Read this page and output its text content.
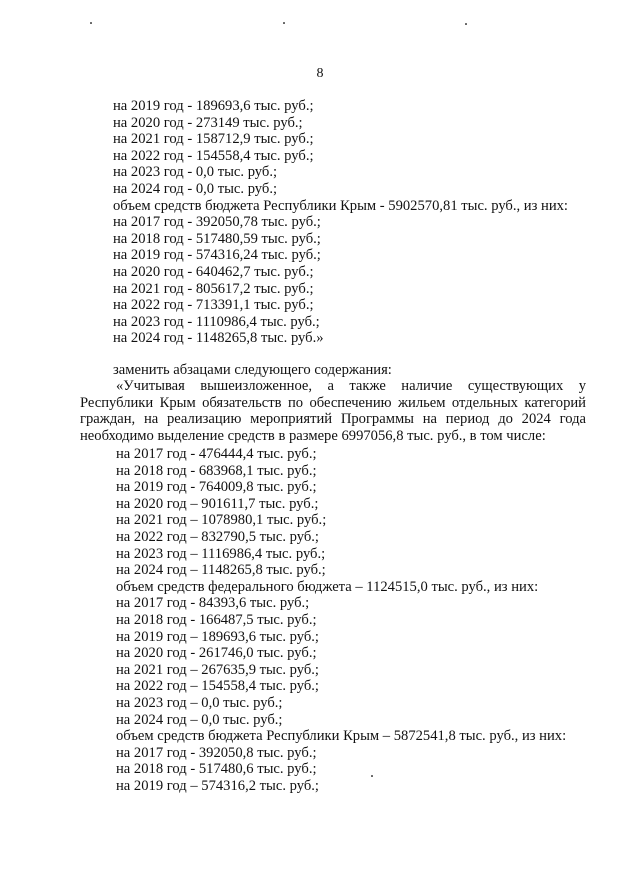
8
на 2019 год - 189693,6 тыс. руб.;
на 2020 год - 273149 тыс. руб.;
на 2021 год - 158712,9 тыс. руб.;
на 2022 год - 154558,4 тыс. руб.;
на 2023 год - 0,0 тыс. руб.;
на 2024 год - 0,0 тыс. руб.;
объем средств бюджета Республики Крым - 5902570,81 тыс. руб., из них:
на 2017 год - 392050,78 тыс. руб.;
на 2018 год - 517480,59 тыс. руб.;
на 2019 год - 574316,24 тыс. руб.;
на 2020 год - 640462,7 тыс. руб.;
на 2021 год - 805617,2 тыс. руб.;
на 2022 год - 713391,1 тыс. руб.;
на 2023 год - 1110986,4 тыс. руб.;
на 2024 год - 1148265,8 тыс. руб.»
заменить абзацами следующего содержания:
«Учитывая вышеизложенное, а также наличие существующих у
Республики Крым обязательств по обеспечению жильем отдельных категорий
граждан, на реализацию мероприятий Программы на период до 2024 года
необходимо выделение средств в размере 6997056,8 тыс. руб., в том числе:
на 2017 год - 476444,4 тыс. руб.;
на 2018 год - 683968,1 тыс. руб.;
на 2019 год - 764009,8 тыс. руб.;
на 2020 год – 901611,7 тыс. руб.;
на 2021 год – 1078980,1 тыс. руб.;
на 2022 год – 832790,5 тыс. руб.;
на 2023 год – 1116986,4 тыс. руб.;
на 2024 год – 1148265,8 тыс. руб.;
объем средств федерального бюджета – 1124515,0 тыс. руб., из них:
на 2017 год - 84393,6 тыс. руб.;
на 2018 год - 166487,5 тыс. руб.;
на 2019 год – 189693,6 тыс. руб.;
на 2020 год - 261746,0 тыс. руб.;
на 2021 год – 267635,9 тыс. руб.;
на 2022 год – 154558,4 тыс. руб.;
на 2023 год – 0,0 тыс. руб.;
на 2024 год – 0,0 тыс. руб.;
объем средств бюджета Республики Крым – 5872541,8 тыс. руб., из них:
на 2017 год - 392050,8 тыс. руб.;
на 2018 год - 517480,6 тыс. руб.;
на 2019 год – 574316,2 тыс. руб.;
